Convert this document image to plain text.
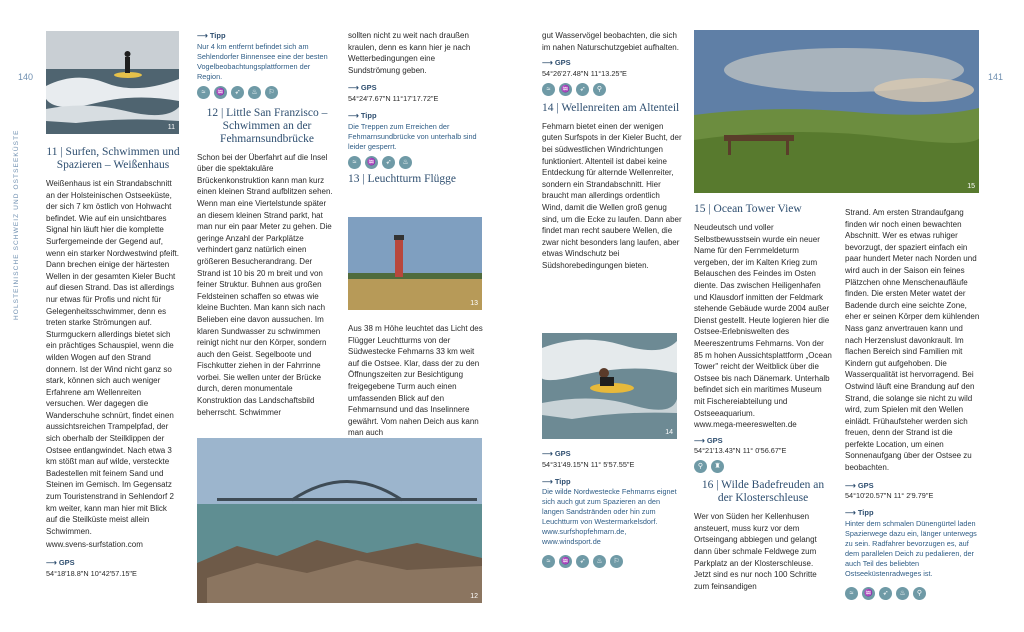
140	141
HOLSTEINISCHE SCHWEIZ UND OSTSEEKÜSTE
11
11 | Surfen, Schwimmen und Spazieren – Weißenhaus

Weißenhaus ist ein Strandabschnitt an der Holsteinischen Ostseeküste, der sich 7 km östlich von Hohwacht befindet. Wie auf ein unsichtbares Signal hin läuft hier die komplette Surfergemeinde der Gegend auf, wenn ein starker Nordwestwind pfeift. Dann brechen einige der härtesten Wellen in der gesamten Kieler Bucht auf diesen Strand. Das ist allerdings nur etwas für Profis und nicht für Gelegenheitsschwimmer, denn es treten starke Strömungen auf. Sturmguckern allerdings bietet sich ein prächtiges Schauspiel, wenn die wilden Wogen auf den Strand donnern. Ist der Wind nicht ganz so stark, können sich auch weniger Erfahrene am Wellenreiten versuchen. Wer dagegen die Wanderschuhe schnürt, findet einen aussichtsreichen Trampelpfad, der sich oberhalb der Steilklippen der Ostsee entlangwindet. Nach etwa 3 km stößt man auf wilde, versteckte Badestellen mit feinem Sand und Steinen im Gemisch. Im Gegensatz zum Touristenstrand in Sehlendorf 2 km weiter, kann man hier mit Blick auf die Steilküste meist allein Schwimmen.

www.svens-surfstation.com

⟶ GPS
54°18'18.8"N 10°42'57.15"E
⟶ Tipp
Nur 4 km entfernt befindet sich am Sehlendorfer Binnensee eine der besten Vogelbeobachtungsplattformen der Region.
≈	♒	➶	♨	⚐
12 | Little San Franzisco – Schwimmen an der Fehmarnsundbrücke

Schon bei der Überfahrt auf die Insel über die spektakuläre Brückenkonstruktion kann man kurz einen kleinen Strand aufblitzen sehen. Wenn man eine Viertelstunde später an diesem kleinen Strand parkt, hat man nur ein paar Meter zu gehen. Die geringe Anzahl der Parkplätze verhindert ganz natürlich einen größeren Besucherandrang. Der Strand ist 10 bis 20 m breit und von feiner Struktur. Buhnen aus großen Feldsteinen schaffen so etwas wie kleine Buchten. Man kann sich nach Belieben eine davon aussuchen. Im klaren Sundwasser zu schwimmen reinigt nicht nur den Körper, sondern auch den Geist. Segelboote und Fischkutter ziehen in der Fahrrinne vorbei. Sie wellen unter der Brücke durch, deren monumentale Konstruktion das Landschaftsbild beherrscht. Schwimmer

sollten nicht zu weit nach draußen kraulen, denn es kann hier je nach Wetterbedingungen eine Sundströmung geben.

⟶ GPS
54°24'7.67"N 11°17'17.72"E
⟶ Tipp
Die Treppen zum Erreichen der Fehmarnsundbrücke von unterhalb sind leider gesperrt.
≈	♒	➶	♨
13 | Leuchtturm Flügge
13

Aus 38 m Höhe leuchtet das Licht des Flügger Leuchtturms von der Südwestecke Fehmarns 33 km weit auf die Ostsee. Klar, dass der zu den Öffnungszeiten zur Besichtigung freigegebene Turm auch einen umfassenden Blick auf den Fehmarnsund und das Inselinnere gewährt. Vom nahen Deich aus kann man auch

12

gut Wasservögel beobachten, die sich im nahen Naturschutzgebiet aufhalten.

⟶ GPS
54°26'27.48"N 11°13.25"E
≈	♒	➶	⚲
14 | Wellenreiten am Altenteil

Fehmarn bietet einen der wenigen guten Surfspots in der Kieler Bucht, der bei südwestlichen Windrichtungen funktioniert. Altenteil ist dabei keine Entdeckung für alternde Wellenreiter, sondern ein Strandabschnitt. Hier braucht man allerdings ordentlich Wind, damit die Wellen groß genug sind, um die Ecke zu laufen. Dann aber findet man recht saubere Wellen, die zwar nicht besonders lang laufen, aber etwas Windschutz bei Südshorebedingungen bieten.

14
⟶ GPS
54°31'49.15"N 11° 5'57.55"E
⟶ Tipp
Die wilde Nordwestecke Fehmarns eignet sich auch gut zum Spazieren an den langen Sandstränden oder hin zum Leuchtturm von Westermarkelsdorf.
www.surfshopfehmarn.de,
www.windsport.de
≈	♒	➶	♨	⚐
15
15 | Ocean Tower View

Neudeutsch und voller Selbstbewusstsein wurde ein neuer Name für den Fernmeldeturm vergeben, der im Kalten Krieg zum Belauschen des Feindes im Osten diente. Das zwischen Heiligenhafen und Klausdorf inmitten der Feldmark stehende Gebäude wurde 2004 außer Dienst gestellt. Heute logieren hier die Ostsee-Erlebniswelten des Meereszentrums Fehmarns. Von der 85 m hohen Aussichtsplattform „Ocean Tower" reicht der Weitblick über die Ostsee bis nach Dänemark. Unterhalb befindet sich ein maritimes Museum mit Fischereiabteilung und Ostseeaquarium.

www.mega-meereswelten.de

⟶ GPS
54°21'13.43"N 11° 0'56.67"E
⚲	♜
16 | Wilde Badefreuden an der Klosterschleuse

Wer von Süden her Kellenhusen ansteuert, muss kurz vor dem Ortseingang abbiegen und gelangt dann über schmale Feldwege zum Parkplatz an der Klosterschleuse. Jetzt sind es nur noch 100 Schritte zum feinsandigen

Strand. Am ersten Strandaufgang finden wir noch einen bewachten Abschnitt. Wer es etwas ruhiger bevorzugt, der spaziert einfach ein paar hundert Meter nach Norden und wird auch in der Saison ein feines Plätzchen ohne Menschenaufläufe finden. Die ersten Meter watet der Badende durch eine seichte Zone, eher er seinen Körper dem kühlenden Nass ganz anvertrauen kann und nach Herzenslust davonkrault. Im flachen Bereich sind Familien mit Kindern gut aufgehoben. Die Wasserqualität ist hervorragend. Bei Ostwind läuft eine Brandung auf den Strand, die solange sie nicht zu wild wird, zum Spielen mit den Wellen einlädt. Frühaufsteher werden sich freuen, denn der Strand ist die perfekte Location, um einen Sonnenaufgang über der Ostsee zu beobachten.

⟶ GPS
54°10'20.57"N 11° 2'9.79"E
⟶ Tipp
Hinter dem schmalen Dünengürtel laden Spazierwege dazu ein, länger unterwegs zu sein. Radfahrer bevorzugen es, auf dem parallelen Deich zu pedalieren, der auch Teil des beliebten Ostseeküstenradweges ist.
≈	♒	➶	♨	⚲
